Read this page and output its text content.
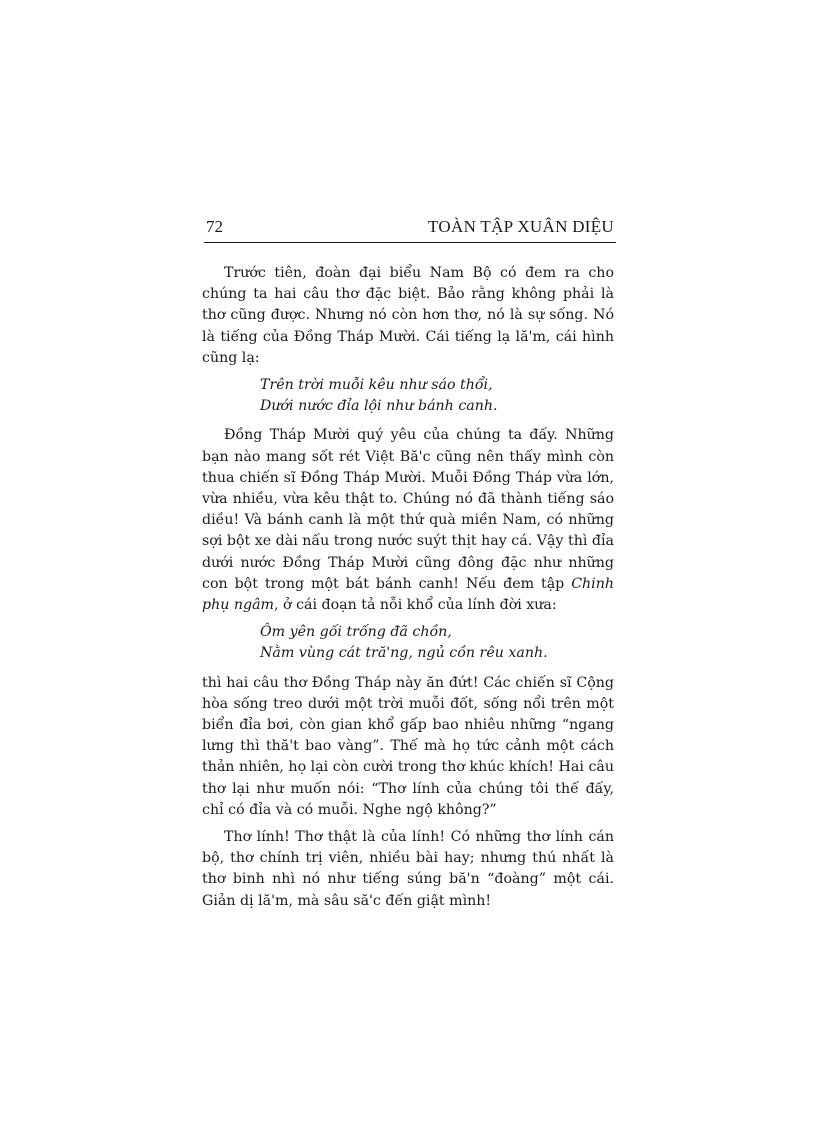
72	TOÀN TẬP XUÂN DIỆU

Trước tiên, đoàn đại biểu Nam Bộ có đem ra cho chúng ta hai câu thơ đặc biệt. Bảo rằng không phải là thơ cũng được. Nhưng nó còn hơn thơ, nó là sự sống. Nó là tiếng của Đồng Tháp Mười. Cái tiếng lạ lă'm, cái hình cũng lạ:

Trên trời muỗi kêu như sáo thổi,
Dưới nước đỉa lội như bánh canh.

Đồng Tháp Mười quý yêu của chúng ta đấy. Những bạn nào mang sốt rét Việt Bă'c cũng nên thấy mình còn thua chiến sĩ Đồng Tháp Mười. Muỗi Đồng Tháp vừa lớn, vừa nhiều, vừa kêu thật to. Chúng nó đã thành tiếng sáo diều! Và bánh canh là một thứ quà miền Nam, có những sợi bột xe dài nấu trong nước suýt thịt hay cá. Vậy thì đỉa dưới nước Đồng Tháp Mười cũng đông đặc như những con bột trong một bát bánh canh! Nếu đem tập Chinh phụ ngâm, ở cái đoạn tả nỗi khổ của lính đời xưa:

Ôm yên gối trống đã chồn,
Nằm vùng cát tră'ng, ngủ cồn rêu xanh.

thì hai câu thơ Đồng Tháp này ăn đứt! Các chiến sĩ Cộng hòa sống treo dưới một trời muỗi đốt, sống nổi trên một biển đỉa bơi, còn gian khổ gấp bao nhiêu những “ngang lưng thì thă't bao vàng”. Thế mà họ tức cảnh một cách thản nhiên, họ lại còn cười trong thơ khúc khích! Hai câu thơ lại như muốn nói: “Thơ lính của chúng tôi thế đấy, chỉ có đỉa và có muỗi. Nghe ngộ không?”

Thơ lính! Thơ thật là của lính! Có những thơ lính cán bộ, thơ chính trị viên, nhiều bài hay; nhưng thú nhất là thơ binh nhì nó như tiếng súng bă'n “đoàng” một cái. Giản dị lă'm, mà sâu să'c đến giật mình!
